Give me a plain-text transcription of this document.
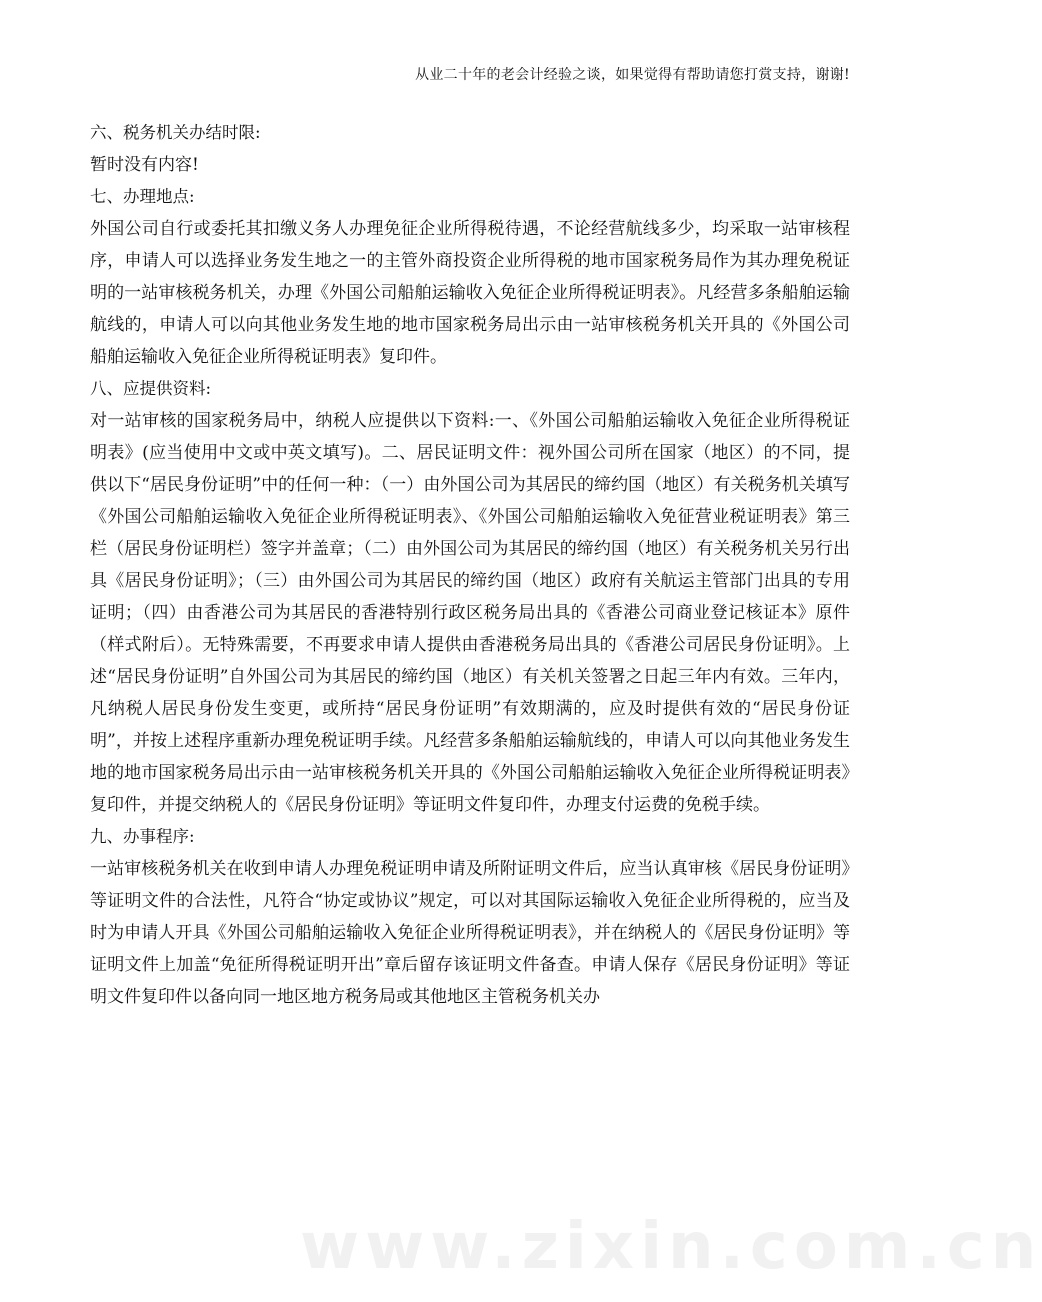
从业二十年的老会计经验之谈，如果觉得有帮助请您打赏支持，谢谢!

六、税务机关办结时限:

暂时没有内容!

七、办理地点:

外国公司自行或委托其扣缴义务人办理免征企业所得税待遇，不论经营航线多少，均采取一站审核程序，申请人可以选择业务发生地之一的主管外商投资企业所得税的地市国家税务局作为其办理免税证明的一站审核税务机关，办理《外国公司船舶运输收入免征企业所得税证明表》。凡经营多条船舶运输航线的，申请人可以向其他业务发生地的地市国家税务局出示由一站审核税务机关开具的《外国公司船舶运输收入免征企业所得税证明表》复印件。

八、应提供资料:

对一站审核的国家税务局中，纳税人应提供以下资料:一、《外国公司船舶运输收入免征企业所得税证明表》(应当使用中文或中英文填写)。二、居民证明文件：视外国公司所在国家（地区）的不同，提供以下“居民身份证明”中的任何一种：（一）由外国公司为其居民的缔约国（地区）有关税务机关填写《外国公司船舶运输收入免征企业所得税证明表》、《外国公司船舶运输收入免征营业税证明表》第三栏（居民身份证明栏）签字并盖章；（二）由外国公司为其居民的缔约国（地区）有关税务机关另行出具《居民身份证明》；（三）由外国公司为其居民的缔约国（地区）政府有关航运主管部门出具的专用证明；（四）由香港公司为其居民的香港特别行政区税务局出具的《香港公司商业登记核证本》原件（样式附后）。无特殊需要，不再要求申请人提供由香港税务局出具的《香港公司居民身份证明》。上述“居民身份证明”自外国公司为其居民的缔约国（地区）有关机关签署之日起三年内有效。三年内，凡纳税人居民身份发生变更，或所持“居民身份证明”有效期满的，应及时提供有效的“居民身份证明”，并按上述程序重新办理免税证明手续。凡经营多条船舶运输航线的，申请人可以向其他业务发生地的地市国家税务局出示由一站审核税务机关开具的《外国公司船舶运输收入免征企业所得税证明表》复印件，并提交纳税人的《居民身份证明》等证明文件复印件，办理支付运费的免税手续。

九、办事程序:

一站审核税务机关在收到申请人办理免税证明申请及所附证明文件后，应当认真审核《居民身份证明》等证明文件的合法性，凡符合“协定或协议”规定，可以对其国际运输收入免征企业所得税的，应当及时为申请人开具《外国公司船舶运输收入免征企业所得税证明表》，并在纳税人的《居民身份证明》等证明文件上加盖“免征所得税证明开出”章后留存该证明文件备查。申请人保存《居民身份证明》等证明文件复印件以备向同一地区地方税务局或其他地区主管税务机关办

www.zixin.com.cn
